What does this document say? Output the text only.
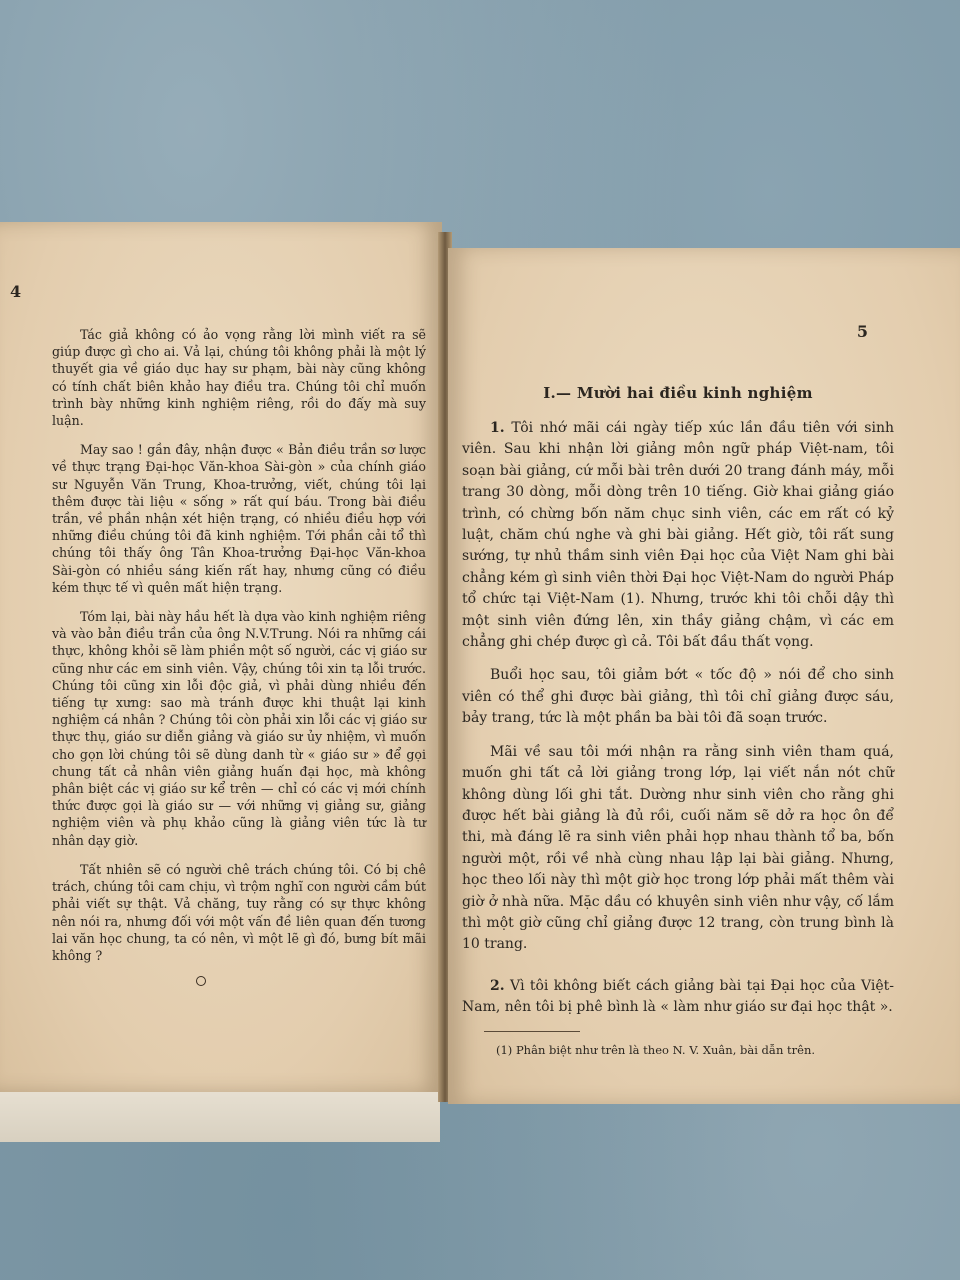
4
Tác giả không có ảo vọng rằng lời mình viết ra sẽ giúp được gì cho ai. Vả lại, chúng tôi không phải là một lý thuyết gia về giáo dục hay sư phạm, bài này cũng không có tính chất biên khảo hay điều tra. Chúng tôi chỉ muốn trình bày những kinh nghiệm riêng, rồi do đấy mà suy luận.
May sao ! gần đây, nhận được « Bản điều trần sơ lược về thực trạng Đại-học Văn-khoa Sài-gòn » của chính giáo sư Nguyễn Văn Trung, Khoa-trưởng, viết, chúng tôi lại thêm được tài liệu « sống » rất quí báu. Trong bài điều trần, về phần nhận xét hiện trạng, có nhiều điều hợp với những điều chúng tôi đã kinh nghiệm. Tới phần cải tổ thì chúng tôi thấy ông Tân Khoa-trưởng Đại-học Văn-khoa Sài-gòn có nhiều sáng kiến rất hay, nhưng cũng có điều kém thực tế vì quên mất hiện trạng.
Tóm lại, bài này hầu hết là dựa vào kinh nghiệm riêng và vào bản điều trần của ông N.V.Trung. Nói ra những cái thực, không khỏi sẽ làm phiền một số người, các vị giáo sư cũng như các em sinh viên. Vậy, chúng tôi xin tạ lỗi trước. Chúng tôi cũng xin lỗi độc giả, vì phải dùng nhiều đến tiếng tự xưng: sao mà tránh được khi thuật lại kinh nghiệm cá nhân ? Chúng tôi còn phải xin lỗi các vị giáo sư thực thụ, giáo sư diễn giảng và giáo sư ủy nhiệm, vì muốn cho gọn lời chúng tôi sẽ dùng danh từ « giáo sư » để gọi chung tất cả nhân viên giảng huấn đại học, mà không phân biệt các vị giáo sư kể trên — chỉ có các vị mới chính thức được gọi là giáo sư — với những vị giảng sư, giảng nghiệm viên và phụ khảo cũng là giảng viên tức là tư nhân dạy giờ.
Tất nhiên sẽ có người chê trách chúng tôi. Có bị chê trách, chúng tôi cam chịu, vì trộm nghĩ con người cầm bút phải viết sự thật. Vả chăng, tuy rằng có sự thực không nên nói ra, nhưng đối với một vấn đề liên quan đến tương lai văn học chung, ta có nên, vì một lẽ gì đó, bưng bít mãi không ?
5
I.— Mười hai điều kinh nghiệm
1. Tôi nhớ mãi cái ngày tiếp xúc lần đầu tiên với sinh viên. Sau khi nhận lời giảng môn ngữ pháp Việt-nam, tôi soạn bài giảng, cứ mỗi bài trên dưới 20 trang đánh máy, mỗi trang 30 dòng, mỗi dòng trên 10 tiếng. Giờ khai giảng giáo trình, có chừng bốn năm chục sinh viên, các em rất có kỷ luật, chăm chú nghe và ghi bài giảng. Hết giờ, tôi rất sung sướng, tự nhủ thầm sinh viên Đại học của Việt Nam ghi bài chẳng kém gì sinh viên thời Đại học Việt-Nam do người Pháp tổ chức tại Việt-Nam (1). Nhưng, trước khi tôi chỗi dậy thì một sinh viên đứng lên, xin thầy giảng chậm, vì các em chẳng ghi chép được gì cả. Tôi bất đầu thất vọng.
Buổi học sau, tôi giảm bớt « tốc độ » nói để cho sinh viên có thể ghi được bài giảng, thì tôi chỉ giảng được sáu, bảy trang, tức là một phần ba bài tôi đã soạn trước.
Mãi về sau tôi mới nhận ra rằng sinh viên tham quá, muốn ghi tất cả lời giảng trong lớp, lại viết nắn nót chữ không dùng lối ghi tắt. Dường như sinh viên cho rằng ghi được hết bài giảng là đủ rồi, cuối năm sẽ dở ra học ôn để thi, mà đáng lẽ ra sinh viên phải họp nhau thành tổ ba, bốn người một, rồi về nhà cùng nhau lập lại bài giảng. Nhưng, học theo lối này thì một giờ học trong lớp phải mất thêm vài giờ ở nhà nữa. Mặc dầu có khuyên sinh viên như vậy, cố lắm thì một giờ cũng chỉ giảng được 12 trang, còn trung bình là 10 trang.
2. Vì tôi không biết cách giảng bài tại Đại học của Việt-Nam, nên tôi bị phê bình là « làm như giáo sư đại học thật ».
(1) Phân biệt như trên là theo N. V. Xuân, bài dẫn trên.
